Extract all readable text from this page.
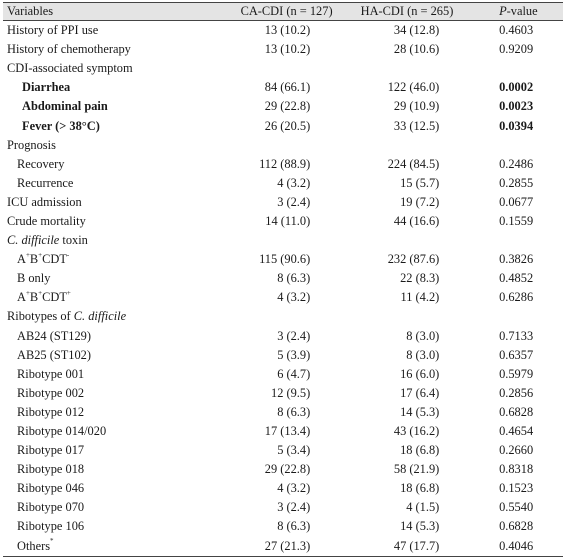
Variables	CA-CDI (n = 127)		HA-CDI (n = 265)		P-value
History of PPI use	13 (10.2)		34 (12.8)		0.4603
History of chemotherapy	13 (10.2)		28 (10.6)		0.9209
CDI-associated symptom					
Diarrhea	84 (66.1)		122 (46.0)		0.0002
Abdominal pain	29 (22.8)		29 (10.9)		0.0023
Fever (> 38°C)	26 (20.5)		33 (12.5)		0.0394
Prognosis					
Recovery	112 (88.9)		224 (84.5)		0.2486
Recurrence	4 (3.2)		15 (5.7)		0.2855
ICU admission	3 (2.4)		19 (7.2)		0.0677
Crude mortality	14 (11.0)		44 (16.6)		0.1559
C. difficile toxin					
A+B+CDT-	115 (90.6)		232 (87.6)		0.3826
B only	8 (6.3)		22 (8.3)		0.4852
A+B+CDT+	4 (3.2)		11 (4.2)		0.6286
Ribotypes of C. difficile					
AB24 (ST129)	3 (2.4)		8 (3.0)		0.7133
AB25 (ST102)	5 (3.9)		8 (3.0)		0.6357
Ribotype 001	6 (4.7)		16 (6.0)		0.5979
Ribotype 002	12 (9.5)		17 (6.4)		0.2856
Ribotype 012	8 (6.3)		14 (5.3)		0.6828
Ribotype 014/020	17 (13.4)		43 (16.2)		0.4654
Ribotype 017	5 (3.4)		18 (6.8)		0.2660
Ribotype 018	29 (22.8)		58 (21.9)		0.8318
Ribotype 046	4 (3.2)		18 (6.8)		0.1523
Ribotype 070	3 (2.4)		4 (1.5)		0.5540
Ribotype 106	8 (6.3)		14 (5.3)		0.6828
Others*	27 (21.3)		47 (17.7)		0.4046
